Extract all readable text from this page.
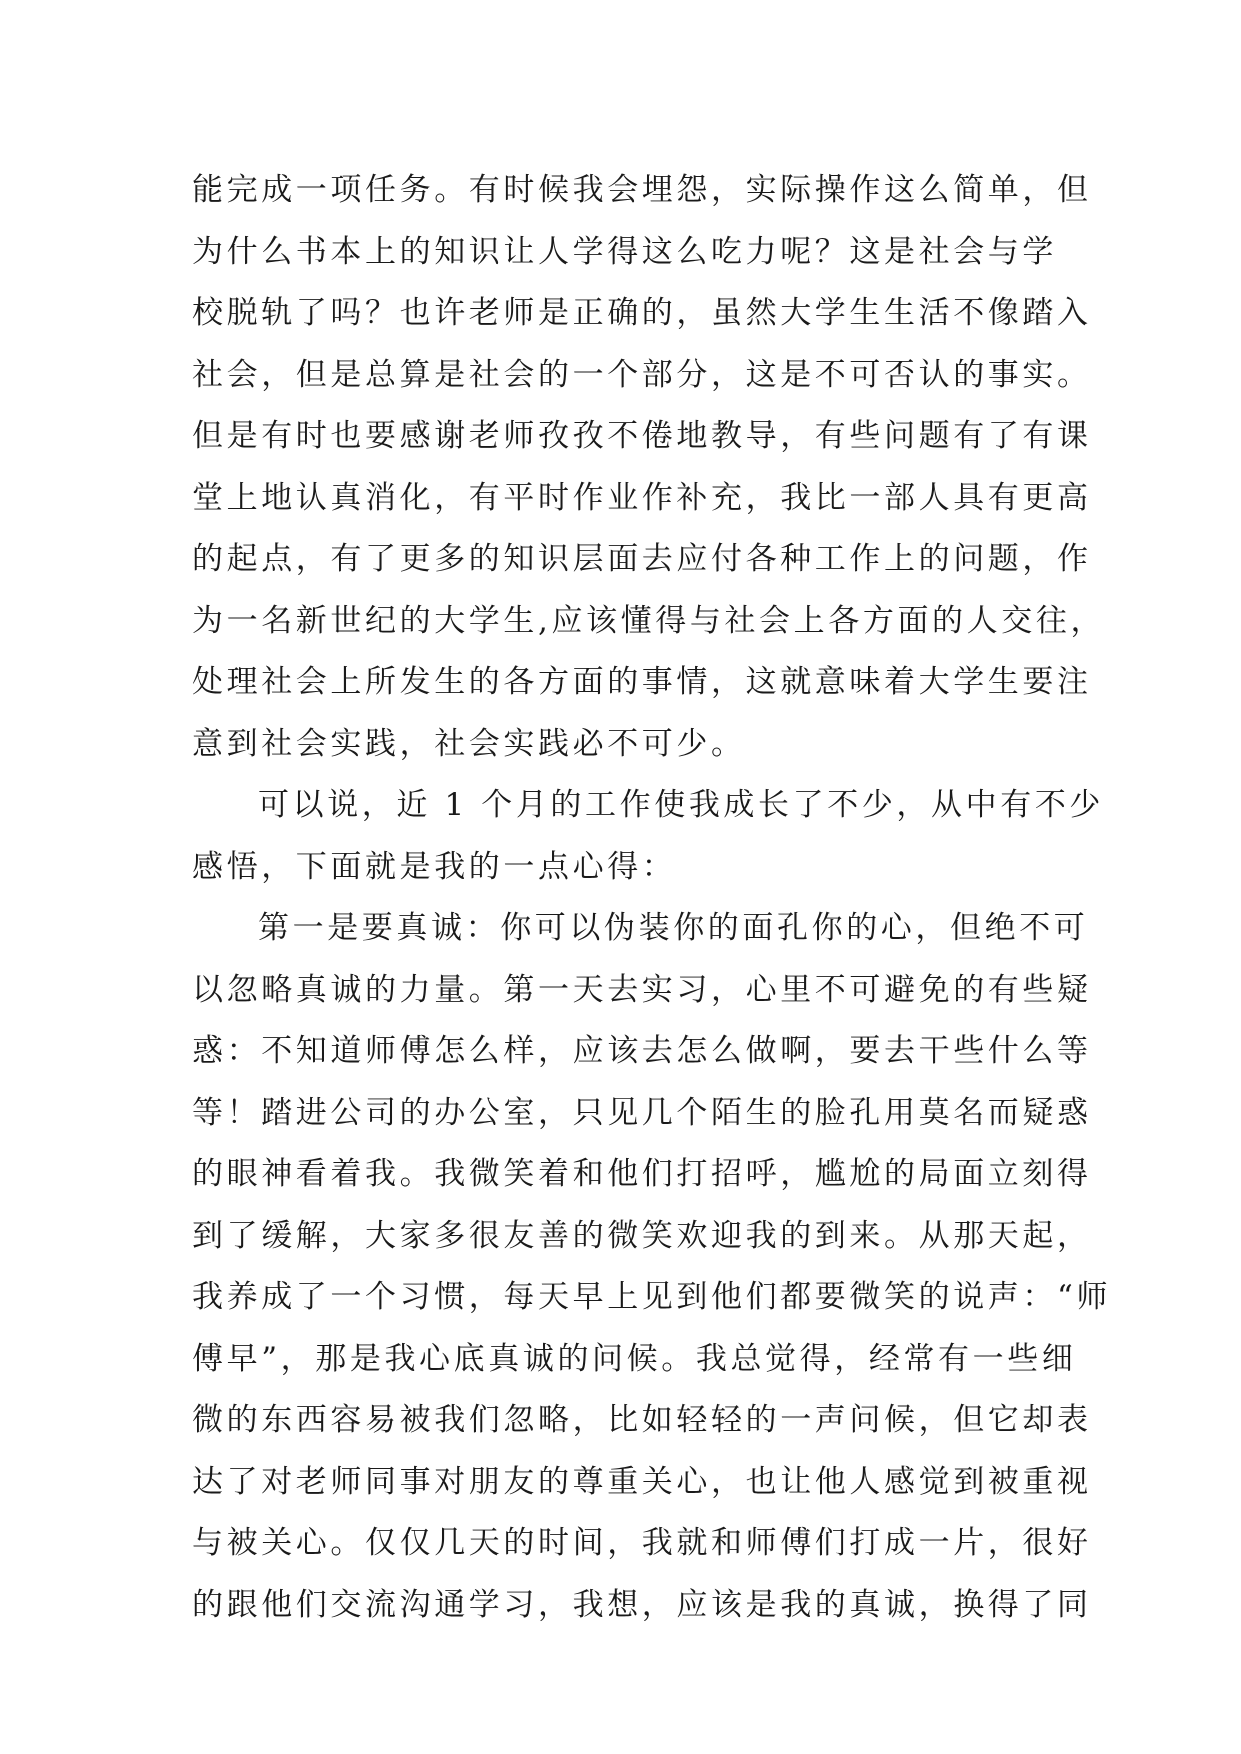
能完成一项任务。有时候我会埋怨，实际操作这么简单，但
为什么书本上的知识让人学得这么吃力呢？这是社会与学
校脱轨了吗？也许老师是正确的，虽然大学生生活不像踏入
社会，但是总算是社会的一个部分，这是不可否认的事实。
但是有时也要感谢老师孜孜不倦地教导，有些问题有了有课
堂上地认真消化，有平时作业作补充，我比一部人具有更高
的起点，有了更多的知识层面去应付各种工作上的问题，作
为一名新世纪的大学生,应该懂得与社会上各方面的人交往，
处理社会上所发生的各方面的事情，这就意味着大学生要注
意到社会实践，社会实践必不可少。
可以说，近 1 个月的工作使我成长了不少，从中有不少
感悟，下面就是我的一点心得：
第一是要真诚：你可以伪装你的面孔你的心，但绝不可
以忽略真诚的力量。第一天去实习，心里不可避免的有些疑
惑：不知道师傅怎么样，应该去怎么做啊，要去干些什么等
等！踏进公司的办公室，只见几个陌生的脸孔用莫名而疑惑
的眼神看着我。我微笑着和他们打招呼，尴尬的局面立刻得
到了缓解，大家多很友善的微笑欢迎我的到来。从那天起，
我养成了一个习惯，每天早上见到他们都要微笑的说声：“师
傅早”，那是我心底真诚的问候。我总觉得，经常有一些细
微的东西容易被我们忽略，比如轻轻的一声问候，但它却表
达了对老师同事对朋友的尊重关心，也让他人感觉到被重视
与被关心。仅仅几天的时间，我就和师傅们打成一片，很好
的跟他们交流沟通学习，我想，应该是我的真诚，换得了同
